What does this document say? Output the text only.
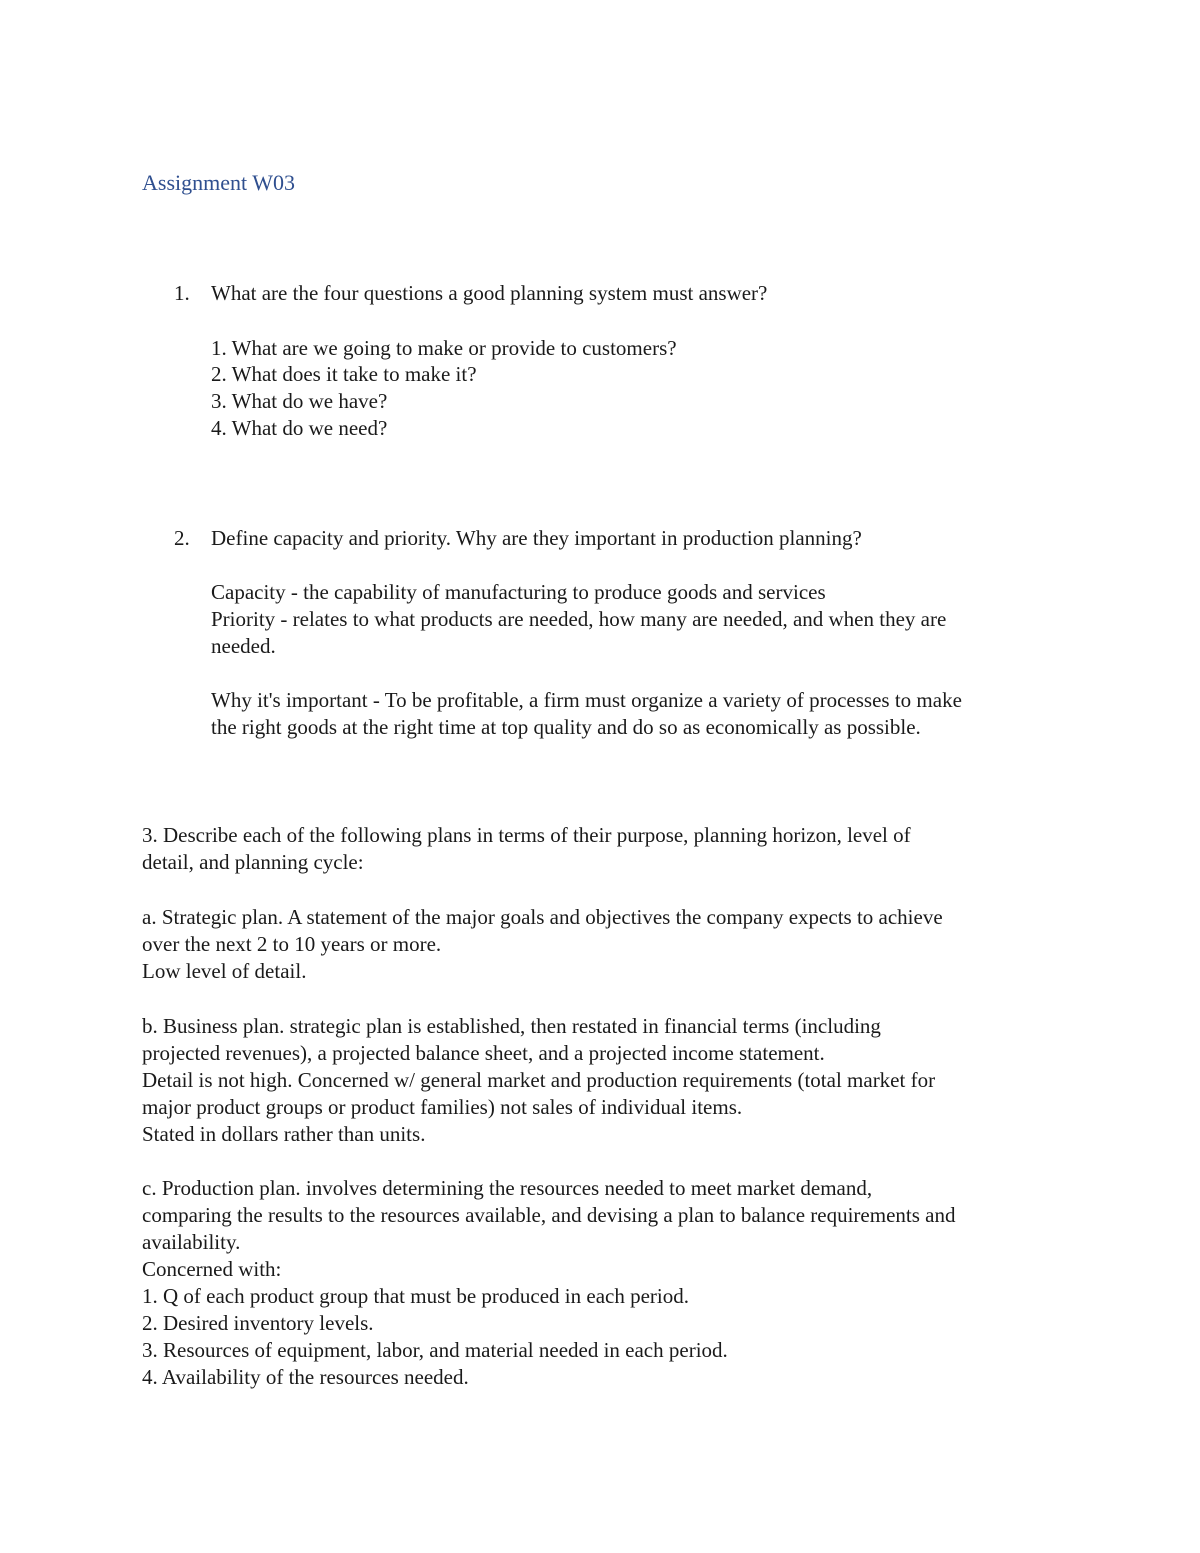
Assignment W03
1. What are the four questions a good planning system must answer?
1. What are we going to make or provide to customers?
2. What does it take to make it?
3. What do we have?
4. What do we need?
2. Define capacity and priority. Why are they important in production planning?
Capacity - the capability of manufacturing to produce goods and services
Priority - relates to what products are needed, how many are needed, and when they are
needed.
Why it's important - To be profitable, a firm must organize a variety of processes to make
the right goods at the right time at top quality and do so as economically as possible.
3. Describe each of the following plans in terms of their purpose, planning horizon, level of
detail, and planning cycle:
a. Strategic plan. A statement of the major goals and objectives the company expects to achieve
over the next 2 to 10 years or more.
Low level of detail.
b. Business plan. strategic plan is established, then restated in financial terms (including
projected revenues), a projected balance sheet, and a projected income statement.
Detail is not high. Concerned w/ general market and production requirements (total market for
major product groups or product families) not sales of individual items.
Stated in dollars rather than units.
c. Production plan. involves determining the resources needed to meet market demand,
comparing the results to the resources available, and devising a plan to balance requirements and
availability.
Concerned with:
1. Q of each product group that must be produced in each period.
2. Desired inventory levels.
3. Resources of equipment, labor, and material needed in each period.
4. Availability of the resources needed.
